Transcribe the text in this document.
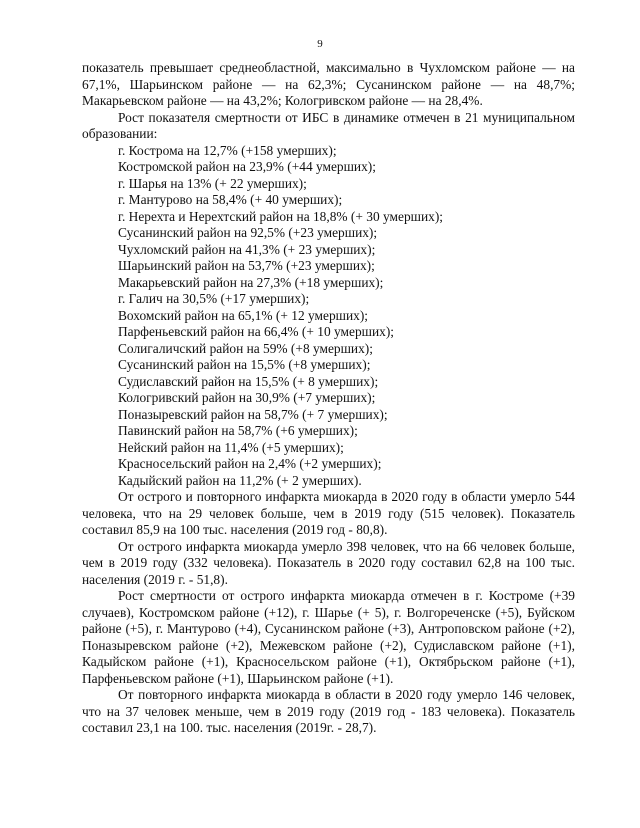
9

показатель превышает среднеобластной, максимально в Чухломском районе — на 67,1%, Шарьинском районе — на 62,3%; Сусанинском районе — на 48,7%; Макарьевском районе — на 43,2%; Кологривском районе — на 28,4%.

Рост показателя смертности от ИБС в динамике отмечен в 21 муниципальном образовании:

г. Кострома на 12,7% (+158 умерших);
Костромской район на 23,9% (+44 умерших);
г. Шарья на 13% (+ 22 умерших);
г. Мантурово на 58,4% (+ 40 умерших);
г. Нерехта и Нерехтский район на 18,8% (+ 30 умерших);
Сусанинский район на 92,5% (+23 умерших);
Чухломский район на 41,3% (+ 23 умерших);
Шарьинский район на 53,7% (+23 умерших);
Макарьевский район на 27,3% (+18 умерших);
г. Галич на 30,5% (+17 умерших);
Вохомский район на 65,1% (+ 12 умерших);
Парфеньевский район на 66,4% (+ 10 умерших);
Солигаличский район на 59% (+8 умерших);
Сусанинский район на 15,5% (+8 умерших);
Судиславский район на 15,5% (+ 8 умерших);
Кологривский район на 30,9% (+7 умерших);
Поназыревский район на 58,7% (+ 7 умерших);
Павинский район на 58,7% (+6 умерших);
Нейский район на 11,4% (+5 умерших);
Красносельский район на 2,4% (+2 умерших);
Кадыйский район на 11,2% (+ 2 умерших).

От острого и повторного инфаркта миокарда в 2020 году в области умерло 544 человека, что на 29 человек больше, чем в 2019 году (515 человек). Показатель составил 85,9 на 100 тыс. населения (2019 год - 80,8).

От острого инфаркта миокарда умерло 398 человек, что на 66 человек больше, чем в 2019 году (332 человека). Показатель в 2020 году составил 62,8 на 100 тыс. населения (2019 г. - 51,8).

Рост смертности от острого инфаркта миокарда отмечен в г. Костроме (+39 случаев), Костромском районе (+12), г. Шарье (+ 5), г. Волгореченске (+5), Буйском районе (+5), г. Мантурово (+4), Сусанинском районе (+3), Антроповском районе (+2), Поназыревском районе (+2), Межевском районе (+2), Судиславском районе (+1), Кадыйском районе (+1), Красносельском районе (+1), Октябрьском районе (+1), Парфеньевском районе (+1), Шарьинском районе (+1).

От повторного инфаркта миокарда в области в 2020 году умерло 146 человек, что на 37 человек меньше, чем в 2019 году (2019 год - 183 человека). Показатель составил 23,1 на 100. тыс. населения (2019г. - 28,7).
